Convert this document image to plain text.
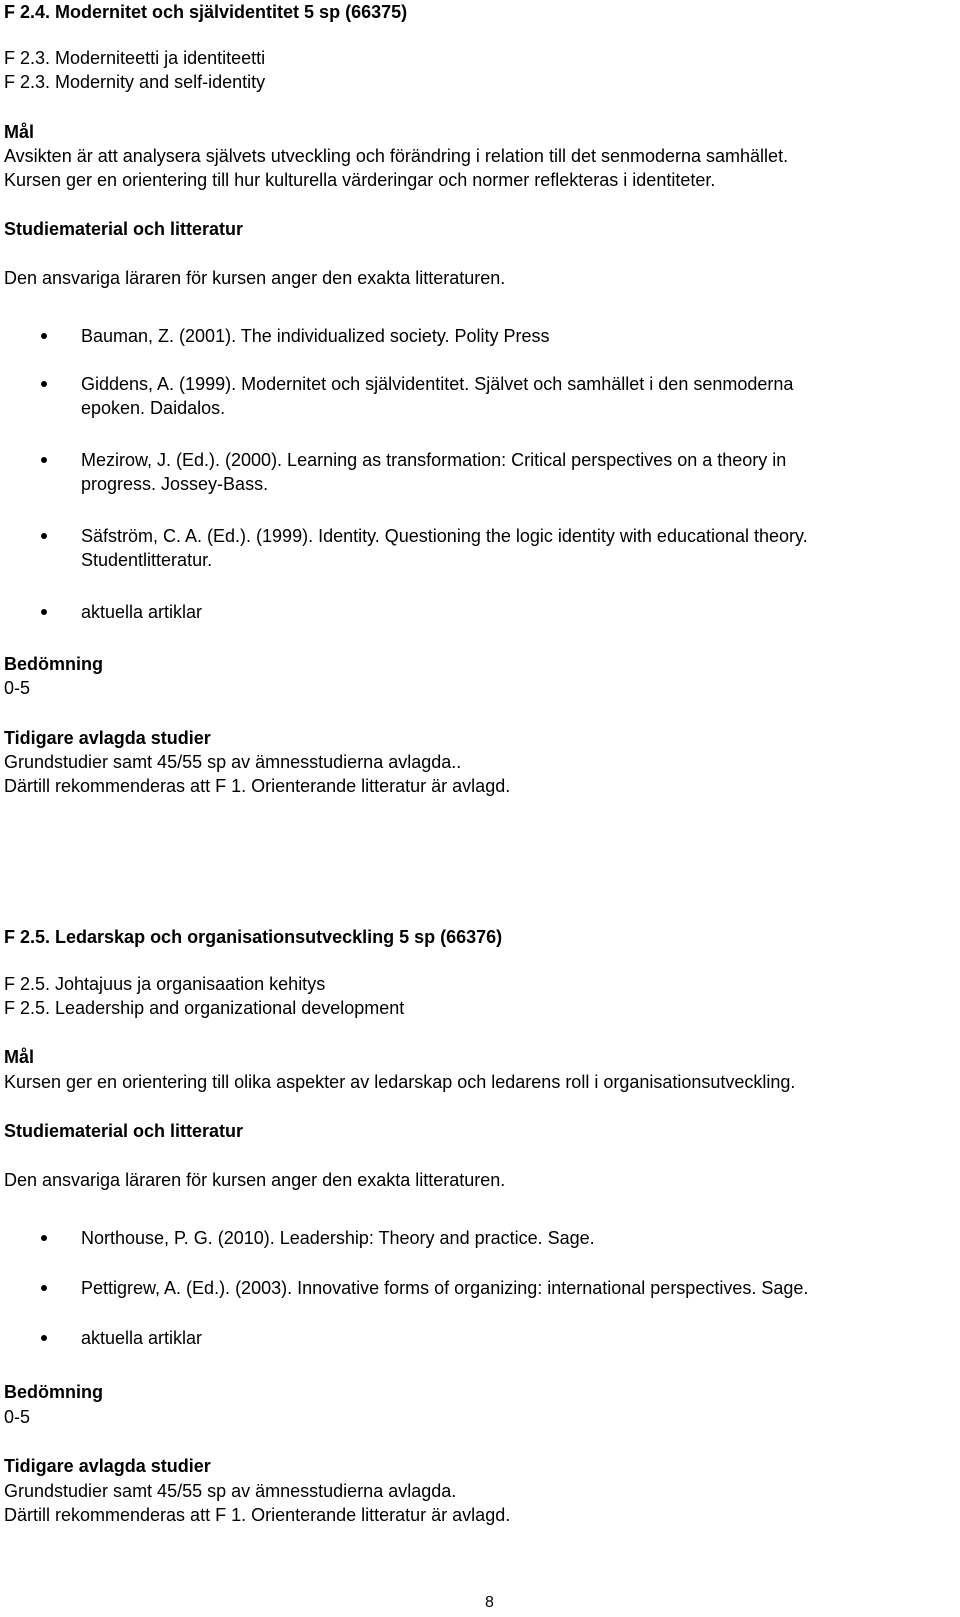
F 2.4. Modernitet och självidentitet 5 sp (66375)
F 2.3. Moderniteetti ja identiteetti
F 2.3. Modernity and self-identity
Mål
Avsikten är att analysera självets utveckling och förändring i relation till det senmoderna samhället.
Kursen ger en orientering till hur kulturella värderingar och normer reflekteras i identiteter.
Studiematerial och litteratur
Den ansvariga läraren för kursen anger den exakta litteraturen.
Bauman, Z. (2001). The individualized society. Polity Press
Giddens, A. (1999). Modernitet och självidentitet. Självet och samhället i den senmoderna
epoken. Daidalos.
Mezirow, J. (Ed.). (2000). Learning as transformation: Critical perspectives on a theory in
progress. Jossey-Bass.
Säfström, C. A. (Ed.). (1999). Identity. Questioning the logic identity with educational theory.
Studentlitteratur.
aktuella artiklar
Bedömning
0-5
Tidigare avlagda studier
Grundstudier samt 45/55 sp av ämnesstudierna avlagda..
Därtill rekommenderas att F 1. Orienterande litteratur är avlagd.
F 2.5. Ledarskap och organisationsutveckling 5 sp (66376)
F 2.5. Johtajuus ja organisaation kehitys
F 2.5. Leadership and organizational development
Mål
Kursen ger en orientering till olika aspekter av ledarskap och ledarens roll i organisationsutveckling.
Studiematerial och litteratur
Den ansvariga läraren för kursen anger den exakta litteraturen.
Northouse, P. G. (2010). Leadership: Theory and practice. Sage.
Pettigrew, A. (Ed.). (2003). Innovative forms of organizing: international perspectives. Sage.
aktuella artiklar
Bedömning
0-5
Tidigare avlagda studier
Grundstudier samt 45/55 sp av ämnesstudierna avlagda.
Därtill rekommenderas att F 1. Orienterande litteratur är avlagd.
8
